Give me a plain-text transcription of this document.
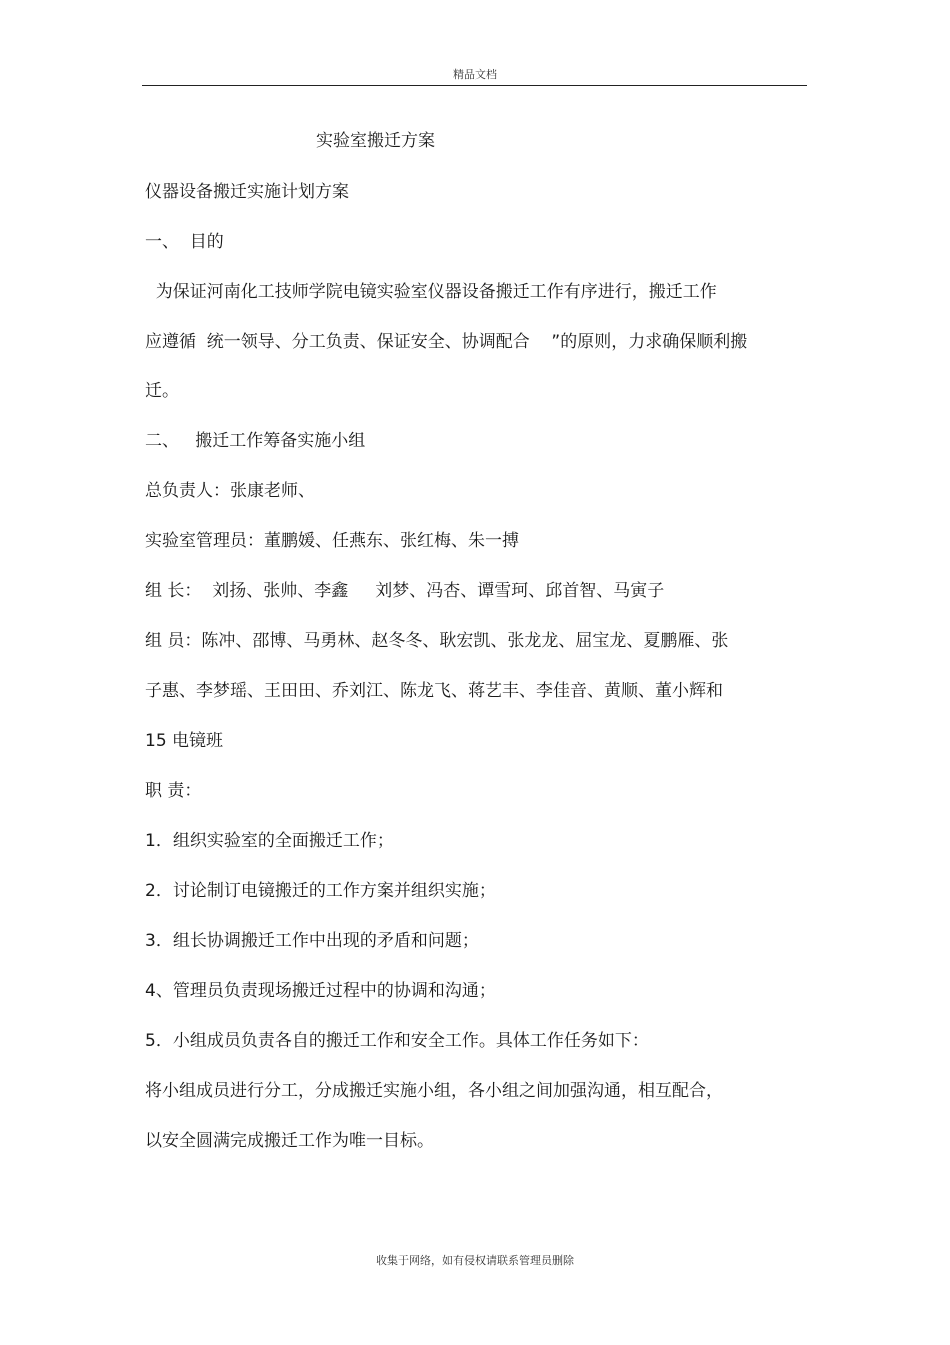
精品文档
实验室搬迁方案
仪器设备搬迁实施计划方案
一、  目的
为保证河南化工技师学院电镜实验室仪器设备搬迁工作有序进行，搬迁工作
应遵循  统一领导、分工负责、保证安全、协调配合    ”的原则，力求确保顺利搬
迁。
二、   搬迁工作筹备实施小组
总负责人：张康老师、
实验室管理员：董鹏媛、任燕东、张红梅、朱一搏
组 长：  刘扬、张帅、李鑫     刘梦、冯杏、谭雪珂、邱首智、马寅子
组 员：陈冲、邵博、马勇林、赵冬冬、耿宏凯、张龙龙、屈宝龙、夏鹏雁、张
子惠、李梦瑶、王田田、乔刘江、陈龙飞、蒋艺丰、李佳音、黄顺、董小辉和
15 电镜班
职 责：
1．组织实验室的全面搬迁工作；
2．讨论制订电镜搬迁的工作方案并组织实施；
3．组长协调搬迁工作中出现的矛盾和问题；
4、管理员负责现场搬迁过程中的协调和沟通；
5．小组成员负责各自的搬迁工作和安全工作。具体工作任务如下：
将小组成员进行分工，分成搬迁实施小组，各小组之间加强沟通，相互配合，
以安全圆满完成搬迁工作为唯一目标。
收集于网络，如有侵权请联系管理员删除
